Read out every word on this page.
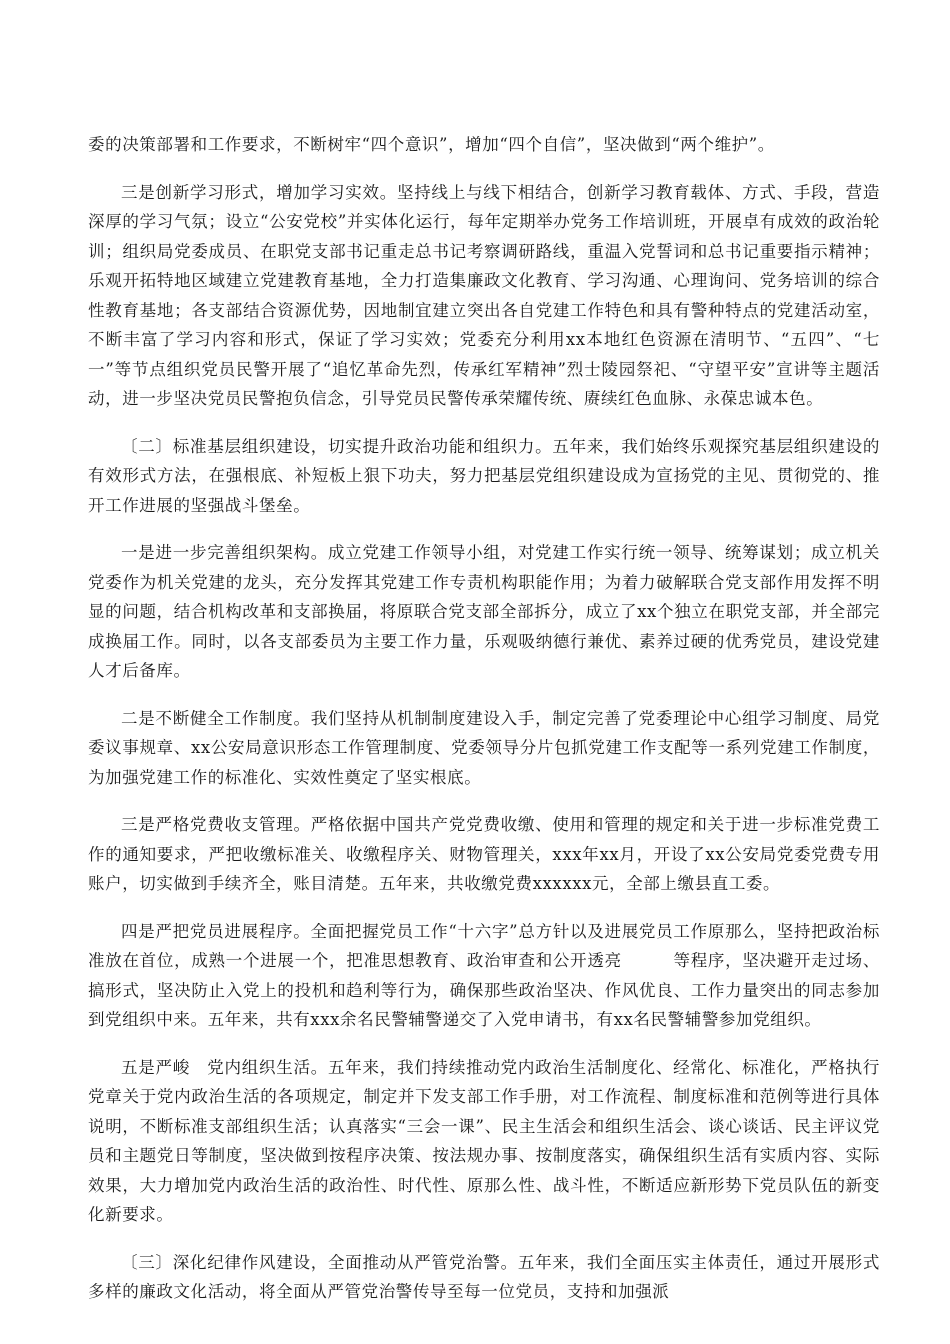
委的决策部署和工作要求，不断树牢“四个意识”，增加“四个自信”，坚决做到“两个维护”。

三是创新学习形式，增加学习实效。坚持线上与线下相结合，创新学习教育载体、方式、手段，营造深厚的学习气氛；设立“公安党校”并实体化运行，每年定期举办党务工作培训班，开展卓有成效的政治轮训；组织局党委成员、在职党支部书记重走总书记考察调研路线，重温入党誓词和总书记重要指示精神；乐观开拓特地区域建立党建教育基地，全力打造集廉政文化教育、学习沟通、心理询问、党务培训的综合性教育基地；各支部结合资源优势，因地制宜建立突出各自党建工作特色和具有警种特点的党建活动室，不断丰富了学习内容和形式，保证了学习实效；党委充分利用xx本地红色资源在清明节、“五四”、“七一”等节点组织党员民警开展了“追忆革命先烈，传承红军精神”烈士陵园祭祀、“守望平安”宣讲等主题活动，进一步坚决党员民警抱负信念，引导党员民警传承荣耀传统、赓续红色血脉、永葆忠诚本色。

〔二〕标准基层组织建设，切实提升政治功能和组织力。五年来，我们始终乐观探究基层组织建设的有效形式方法，在强根底、补短板上狠下功夫，努力把基层党组织建设成为宣扬党的主见、贯彻党的、推开工作进展的坚强战斗堡垒。

一是进一步完善组织架构。成立党建工作领导小组，对党建工作实行统一领导、统筹谋划；成立机关党委作为机关党建的龙头，充分发挥其党建工作专责机构职能作用；为着力破解联合党支部作用发挥不明显的问题，结合机构改革和支部换届，将原联合党支部全部拆分，成立了xx个独立在职党支部，并全部完成换届工作。同时，以各支部委员为主要工作力量，乐观吸纳德行兼优、素养过硬的优秀党员，建设党建人才后备库。

二是不断健全工作制度。我们坚持从机制制度建设入手，制定完善了党委理论中心组学习制度、局党委议事规章、xx公安局意识形态工作管理制度、党委领导分片包抓党建工作支配等一系列党建工作制度，为加强党建工作的标准化、实效性奠定了坚实根底。

三是严格党费收支管理。严格依据中国共产党党费收缴、使用和管理的规定和关于进一步标准党费工作的通知要求，严把收缴标准关、收缴程序关、财物管理关，xxx年xx月，开设了xx公安局党委党费专用账户，切实做到手续齐全，账目清楚。五年来，共收缴党费xxxxxx元，全部上缴县直工委。

四是严把党员进展程序。全面把握党员工作“十六字”总方针以及进展党员工作原那么，坚持把政治标准放在首位，成熟一个进展一个，把准思想教育、政治审查和公开透亮　　　等程序，坚决避开走过场、搞形式，坚决防止入党上的投机和趋利等行为，确保那些政治坚决、作风优良、工作力量突出的同志参加到党组织中来。五年来，共有xxx余名民警辅警递交了入党申请书，有xx名民警辅警参加党组织。

五是严峻　党内组织生活。五年来，我们持续推动党内政治生活制度化、经常化、标准化，严格执行党章关于党内政治生活的各项规定，制定并下发支部工作手册，对工作流程、制度标准和范例等进行具体说明，不断标准支部组织生活；认真落实“三会一课”、民主生活会和组织生活会、谈心谈话、民主评议党员和主题党日等制度，坚决做到按程序决策、按法规办事、按制度落实，确保组织生活有实质内容、实际效果，大力增加党内政治生活的政治性、时代性、原那么性、战斗性，不断适应新形势下党员队伍的新变化新要求。

〔三〕深化纪律作风建设，全面推动从严管党治警。五年来，我们全面压实主体责任，通过开展形式多样的廉政文化活动，将全面从严管党治警传导至每一位党员，支持和加强派
